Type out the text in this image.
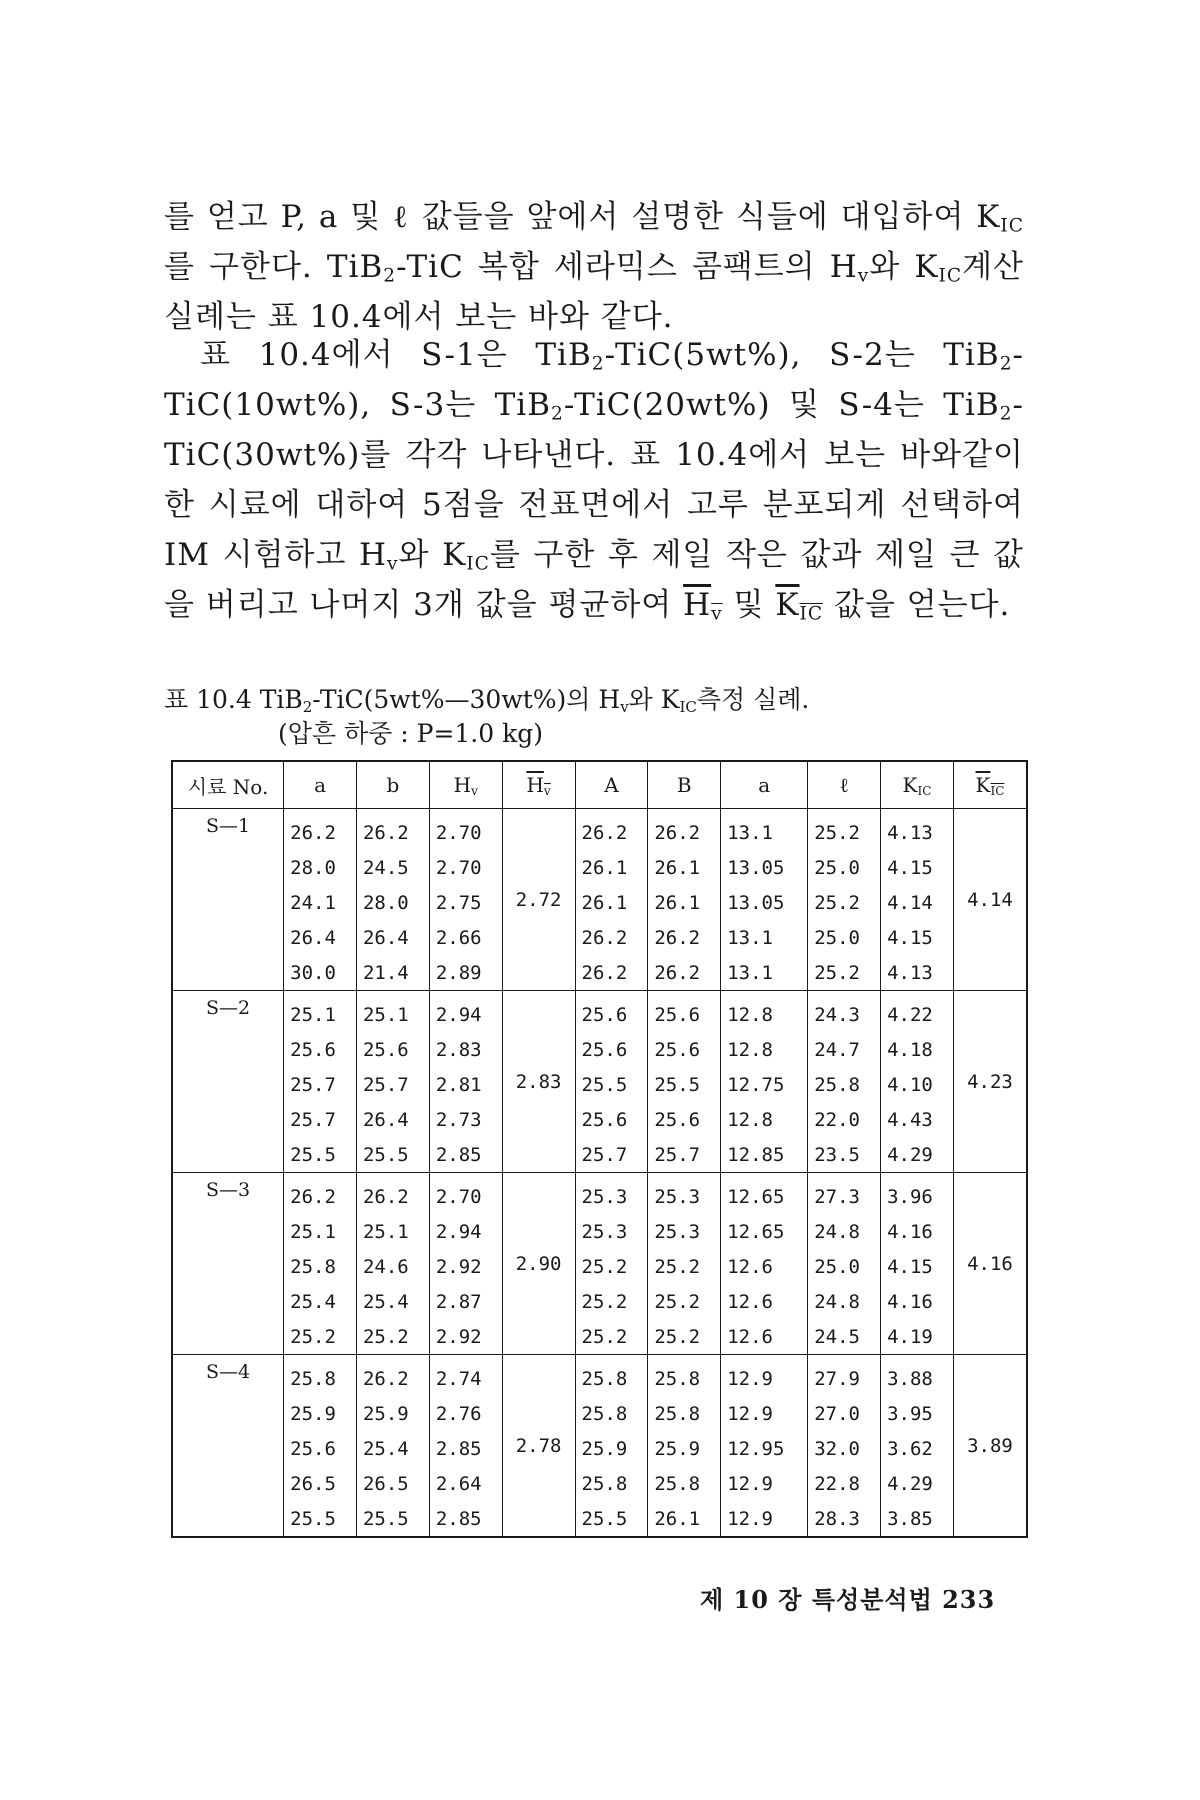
를 얻고 P, a 및 ℓ 값들을 앞에서 설명한 식들에 대입하여 $K_{IC}$를 구한다. TiB$_2$-TiC 복합 세라믹스 콤팩트의 $H_v$와 $K_{IC}$계산 실례는 표 10.4에서 보는 바와 같다.
표 10.4에서 S-1은 TiB$_2$-TiC(5wt%), S-2는 TiB$_2$-TiC(10wt%), S-3는 TiB$_2$-TiC(20wt%) 및 S-4는 TiB$_2$-TiC(30wt%)를 각각 나타낸다. 표 10.4에서 보는 바와같이 한 시료에 대하여 5점을 전표면에서 고루 분포되게 선택하여 IM 시험하고 $H_v$와 $K_{IC}$를 구한 후 제일 작은 값과 제일 큰 값을 버리고 나머지 3개 값을 평균하여 $\overline{H}_{\overline{v}}$ 및 $\overline{K}_{\overline{IC}}$ 값을 얻는다.
표 10.4 TiB$_2$-TiC(5wt%—30wt%)의 $H_v$와 $K_{IC}$측정 실례.
(압흔 하중 : P=1.0 kg)
시료 No.	a	b	$H_v$	$\overline{H}_{\overline{v}}$	A	B	a	ℓ	$K_{IC}$	$\overline{K}_{\overline{IC}}$
S—1	26.2	26.2	2.70	2.72	26.2	26.2	13.1	25.2	4.13	4.14
	28.0	24.5	2.70		26.1	26.1	13.05	25.0	4.15	
	24.1	28.0	2.75		26.1	26.1	13.05	25.2	4.14	
	26.4	26.4	2.66		26.2	26.2	13.1	25.0	4.15	
	30.0	21.4	2.89		26.2	26.2	13.1	25.2	4.13	
S—2	25.1	25.1	2.94	2.83	25.6	25.6	12.8	24.3	4.22	4.23
	25.6	25.6	2.83		25.6	25.6	12.8	24.7	4.18	
	25.7	25.7	2.81		25.5	25.5	12.75	25.8	4.10	
	25.7	26.4	2.73		25.6	25.6	12.8	22.0	4.43	
	25.5	25.5	2.85		25.7	25.7	12.85	23.5	4.29	
S—3	26.2	26.2	2.70	2.90	25.3	25.3	12.65	27.3	3.96	4.16
	25.1	25.1	2.94		25.3	25.3	12.65	24.8	4.16	
	25.8	24.6	2.92		25.2	25.2	12.6	25.0	4.15	
	25.4	25.4	2.87		25.2	25.2	12.6	24.8	4.16	
	25.2	25.2	2.92		25.2	25.2	12.6	24.5	4.19	
S—4	25.8	26.2	2.74	2.78	25.8	25.8	12.9	27.9	3.88	3.89
	25.9	25.9	2.76		25.8	25.8	12.9	27.0	3.95	
	25.6	25.4	2.85		25.9	25.9	12.95	32.0	3.62	
	26.5	26.5	2.64		25.8	25.8	12.9	22.8	4.29	
	25.5	25.5	2.85		25.5	26.1	12.9	28.3	3.85	
제 10 장 특성분석법 233
